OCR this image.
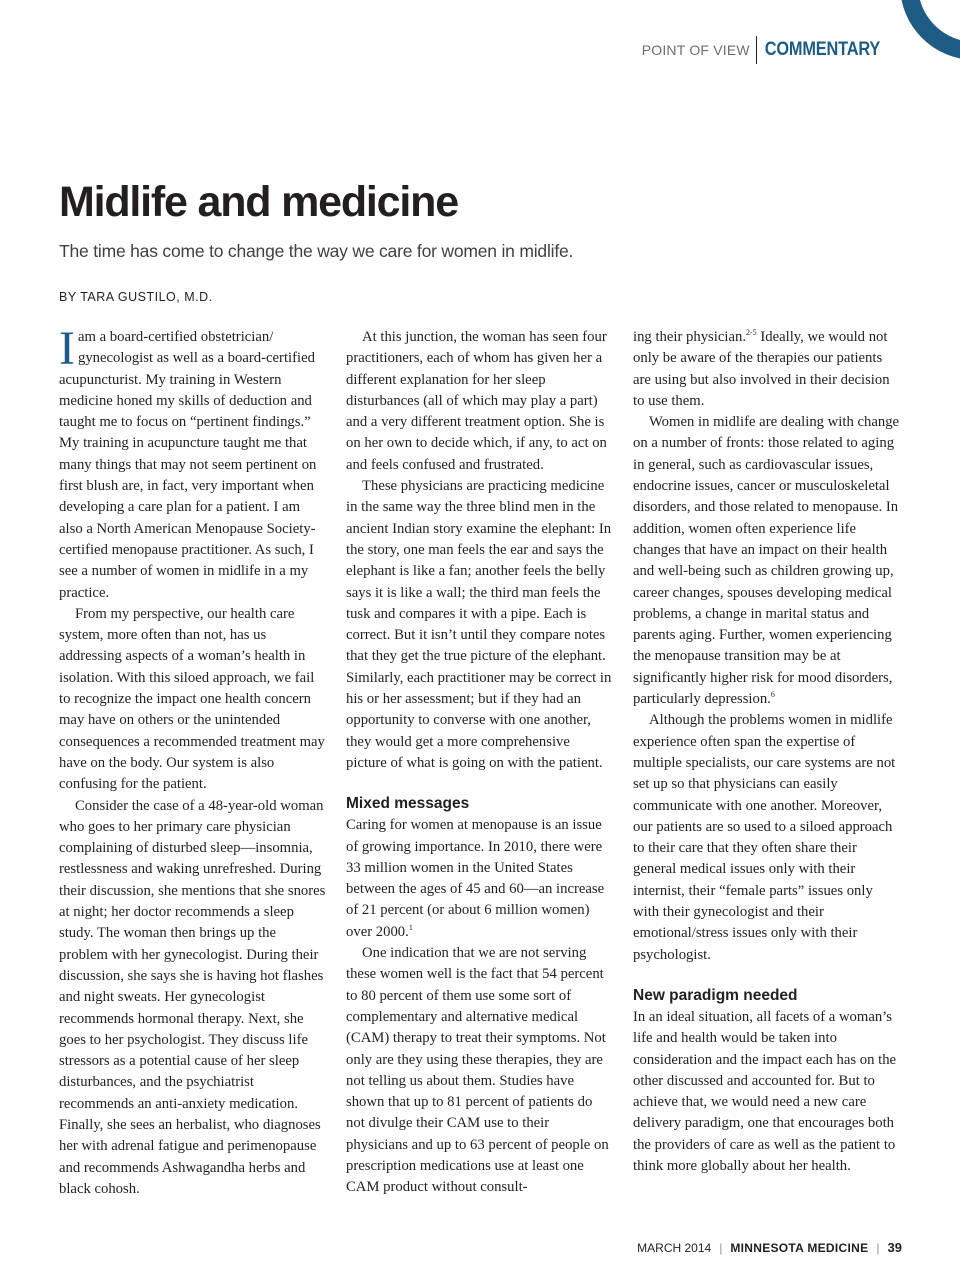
POINT OF VIEW COMMENTARY
Midlife and medicine

The time has come to change the way we care for women in midlife.

BY TARA GUSTILO, M.D.

Iam a board-certified obstetrician/ gynecologist as well as a board-certified acupuncturist. My training in Western medicine honed my skills of deduction and taught me to focus on “pertinent findings.” My training in acupuncture taught me that many things that may not seem pertinent on first blush are, in fact, very important when developing a care plan for a patient. I am also a North American Menopause Society-certified menopause practitioner. As such, I see a number of women in midlife in a my practice.

From my perspective, our health care system, more often than not, has us addressing aspects of a woman’s health in isolation. With this siloed approach, we fail to recognize the impact one health concern may have on others or the unintended consequences a recommended treatment may have on the body. Our system is also confusing for the patient.

Consider the case of a 48-year-old woman who goes to her primary care physician complaining of disturbed sleep—insomnia, restlessness and waking unrefreshed. During their discussion, she mentions that she snores at night; her doctor recommends a sleep study. The woman then brings up the problem with her gynecologist. During their discussion, she says she is having hot flashes and night sweats. Her gynecologist recommends hormonal therapy. Next, she goes to her psychologist. They discuss life stressors as a potential cause of her sleep disturbances, and the psychiatrist recommends an anti-anxiety medication. Finally, she sees an herbalist, who diagnoses her with adrenal fatigue and perimenopause and recommends Ashwagandha herbs and black cohosh.

At this junction, the woman has seen four practitioners, each of whom has given her a different explanation for her sleep disturbances (all of which may play a part) and a very different treatment option. She is on her own to decide which, if any, to act on and feels confused and frustrated.

These physicians are practicing medicine in the same way the three blind men in the ancient Indian story examine the elephant: In the story, one man feels the ear and says the elephant is like a fan; another feels the belly says it is like a wall; the third man feels the tusk and compares it with a pipe. Each is correct. But it isn’t until they compare notes that they get the true picture of the elephant. Similarly, each practitioner may be correct in his or her assessment; but if they had an opportunity to converse with one another, they would get a more comprehensive picture of what is going on with the patient.

Mixed messages

Caring for women at menopause is an issue of growing importance. In 2010, there were 33 million women in the United States between the ages of 45 and 60—an increase of 21 percent (or about 6 million women) over 2000.$^1$

One indication that we are not serving these women well is the fact that 54 percent to 80 percent of them use some sort of complementary and alternative medical (CAM) therapy to treat their symptoms. Not only are they using these therapies, they are not telling us about them. Studies have shown that up to 81 percent of patients do not divulge their CAM use to their physicians and up to 63 percent of people on prescription medications use at least one CAM product without consult-

ing their physician.$^{2-5}$ Ideally, we would not only be aware of the therapies our patients are using but also involved in their decision to use them.

Women in midlife are dealing with change on a number of fronts: those related to aging in general, such as cardiovascular issues, endocrine issues, cancer or musculoskeletal disorders, and those related to menopause. In addition, women often experience life changes that have an impact on their health and well-being such as children growing up, career changes, spouses developing medical problems, a change in marital status and parents aging. Further, women experiencing the menopause transition may be at significantly higher risk for mood disorders, particularly depression.$^6$

Although the problems women in midlife experience often span the expertise of multiple specialists, our care systems are not set up so that physicians can easily communicate with one another. Moreover, our patients are so used to a siloed approach to their care that they often share their general medical issues only with their internist, their “female parts” issues only with their gynecologist and their emotional/stress issues only with their psychologist.

New paradigm needed

In an ideal situation, all facets of a woman’s life and health would be taken into consideration and the impact each has on the other discussed and accounted for. But to achieve that, we would need a new care delivery paradigm, one that encourages both the providers of care as well as the patient to think more globally about her health.

MARCH 2014 | MINNESOTA MEDICINE | 39
